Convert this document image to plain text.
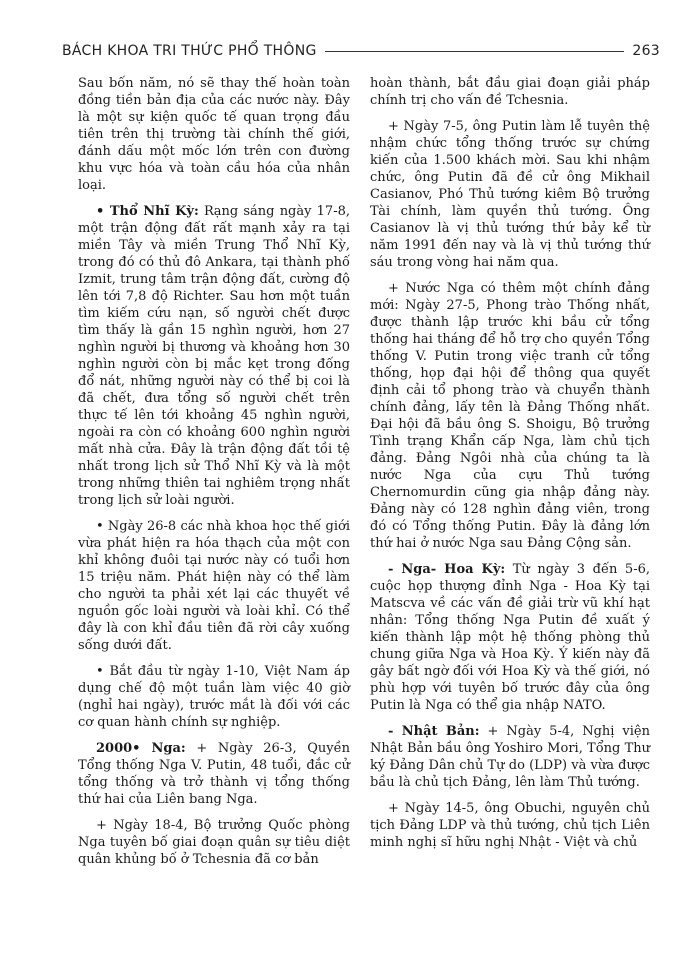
BÁCH KHOA TRI THỨC PHỔ THÔNG	263

Sau bốn năm, nó sẽ thay thế hoàn toàn đồng tiền bản địa của các nước này. Đây là một sự kiện quốc tế quan trọng đầu tiên trên thị trường tài chính thế giới, đánh dấu một mốc lớn trên con đường khu vực hóa và toàn cầu hóa của nhân loại.

• Thổ Nhĩ Kỳ: Rạng sáng ngày 17-8, một trận động đất rất mạnh xảy ra tại miền Tây và miền Trung Thổ Nhĩ Kỳ, trong đó có thủ đô Ankara, tại thành phố Izmit, trung tâm trận động đất, cường độ lên tới 7,8 độ Richter. Sau hơn một tuần tìm kiếm cứu nạn, số người chết được tìm thấy là gần 15 nghìn người, hơn 27 nghìn người bị thương và khoảng hơn 30 nghìn người còn bị mắc kẹt trong đống đổ nát, những người này có thể bị coi là đã chết, đưa tổng số người chết trên thực tế lên tới khoảng 45 nghìn người, ngoài ra còn có khoảng 600 nghìn người mất nhà cửa. Đây là trận động đất tồi tệ nhất trong lịch sử Thổ Nhĩ Kỳ và là một trong những thiên tai nghiêm trọng nhất trong lịch sử loài người.

• Ngày 26-8 các nhà khoa học thế giới vừa phát hiện ra hóa thạch của một con khỉ không đuôi tại nước này có tuổi hơn 15 triệu năm. Phát hiện này có thể làm cho người ta phải xét lại các thuyết về nguồn gốc loài người và loài khỉ. Có thể đây là con khỉ đầu tiên đã rời cây xuống sống dưới đất.

• Bắt đầu từ ngày 1-10, Việt Nam áp dụng chế độ một tuần làm việc 40 giờ (nghỉ hai ngày), trước mắt là đối với các cơ quan hành chính sự nghiệp.

2000• Nga: + Ngày 26-3, Quyền Tổng thống Nga V. Putin, 48 tuổi, đắc cử tổng thống và trở thành vị tổng thống thứ hai của Liên bang Nga.

+ Ngày 18-4, Bộ trưởng Quốc phòng Nga tuyên bố giai đoạn quân sự tiêu diệt quân khủng bố ở Tchesnia đã cơ bản

hoàn thành, bắt đầu giai đoạn giải pháp chính trị cho vấn đề Tchesnia.

+ Ngày 7-5, ông Putin làm lễ tuyên thệ nhậm chức tổng thống trước sự chứng kiến của 1.500 khách mời. Sau khi nhậm chức, ông Putin đã đề cử ông Mikhail Casianov, Phó Thủ tướng kiêm Bộ trưởng Tài chính, làm quyền thủ tướng. Ông Casianov là vị thủ tướng thứ bảy kể từ năm 1991 đến nay và là vị thủ tướng thứ sáu trong vòng hai năm qua.

+ Nước Nga có thêm một chính đảng mới: Ngày 27-5, Phong trào Thống nhất, được thành lập trước khi bầu cử tổng thống hai tháng để hỗ trợ cho quyền Tổng thống V. Putin trong việc tranh cử tổng thống, họp đại hội để thông qua quyết định cải tổ phong trào và chuyển thành chính đảng, lấy tên là Đảng Thống nhất. Đại hội đã bầu ông S. Shoigu, Bộ trưởng Tình trạng Khẩn cấp Nga, làm chủ tịch đảng. Đảng Ngôi nhà của chúng ta là nước Nga của cựu Thủ tướng Chernomurdin cũng gia nhập đảng này. Đảng này có 128 nghìn đảng viên, trong đó có Tổng thống Putin. Đây là đảng lớn thứ hai ở nước Nga sau Đảng Cộng sản.

- Nga- Hoa Kỳ: Từ ngày 3 đến 5-6, cuộc họp thượng đỉnh Nga - Hoa Kỳ tại Matscva về các vấn đề giải trừ vũ khí hạt nhân: Tổng thống Nga Putin đề xuất ý kiến thành lập một hệ thống phòng thủ chung giữa Nga và Hoa Kỳ. Ý kiến này đã gây bất ngờ đối với Hoa Kỳ và thế giới, nó phù hợp với tuyên bố trước đây của ông Putin là Nga có thể gia nhập NATO.

- Nhật Bản: + Ngày 5-4, Nghị viện Nhật Bản bầu ông Yoshiro Mori, Tổng Thư ký Đảng Dân chủ Tự do (LDP) và vừa được bầu là chủ tịch Đảng, lên làm Thủ tướng.

+ Ngày 14-5, ông Obuchi, nguyên chủ tịch Đảng LDP và thủ tướng, chủ tịch Liên minh nghị sĩ hữu nghị Nhật - Việt và chủ
